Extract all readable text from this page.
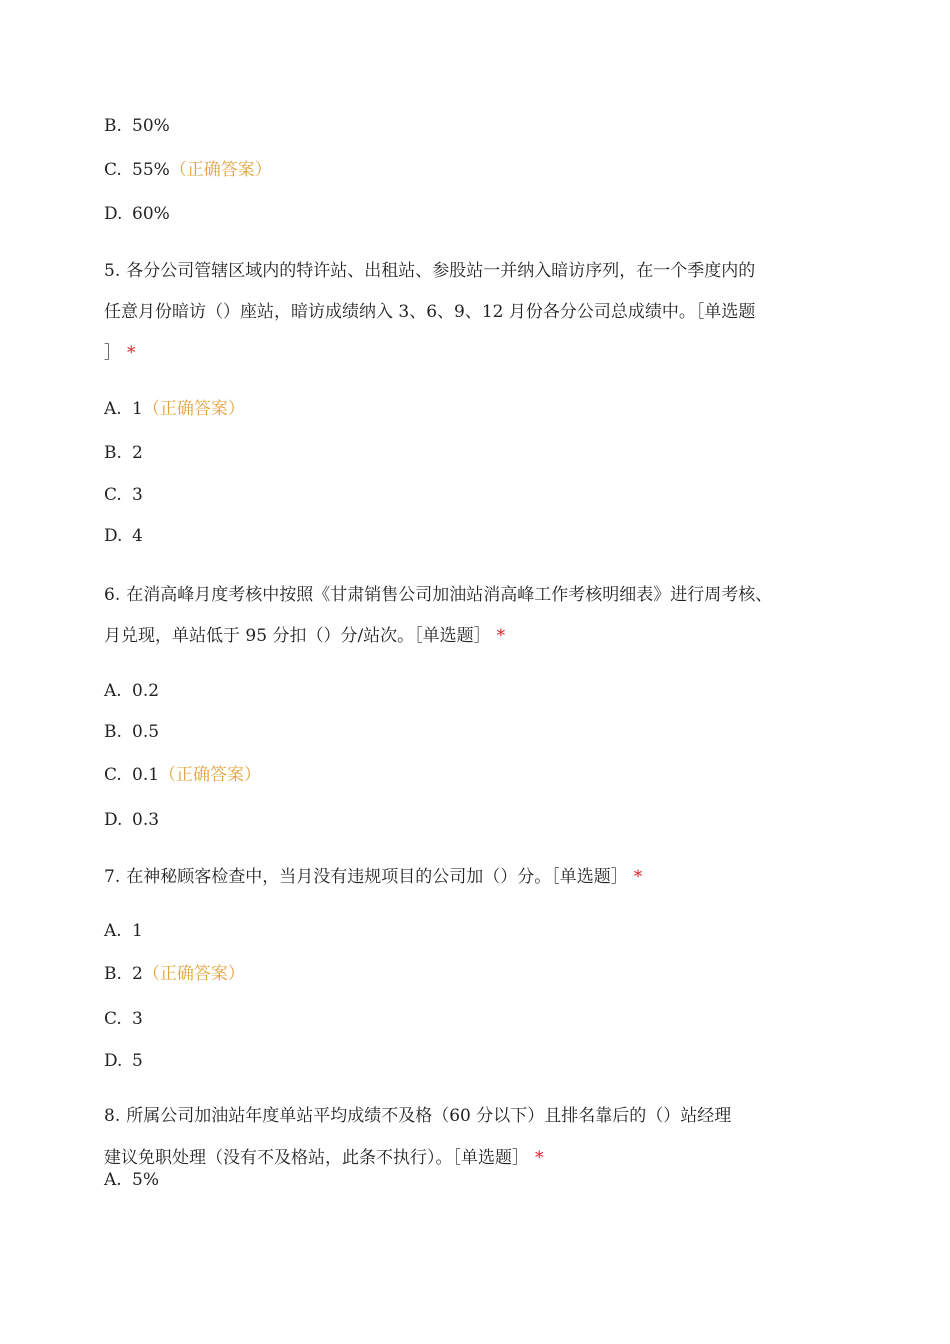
B. 50%
C. 55%（正确答案）
D. 60%
5. 各分公司管辖区域内的特许站、出租站、参股站一并纳入暗访序列，在一个季度内的
任意月份暗访（）座站，暗访成绩纳入 3、6、9、12 月份各分公司总成绩中。［单选题
］ *
A. 1（正确答案）
B. 2
C. 3
D. 4
6. 在消高峰月度考核中按照《甘肃销售公司加油站消高峰工作考核明细表》进行周考核、
月兑现，单站低于 95 分扣（）分/站次。［单选题］ *
A. 0.2
B. 0.5
C. 0.1（正确答案）
D. 0.3
7. 在神秘顾客检查中，当月没有违规项目的公司加（）分。［单选题］ *
A. 1
B. 2（正确答案）
C. 3
D. 5
8. 所属公司加油站年度单站平均成绩不及格（60 分以下）且排名靠后的（）站经理
建议免职处理（没有不及格站，此条不执行）。［单选题］ *
A. 5%
